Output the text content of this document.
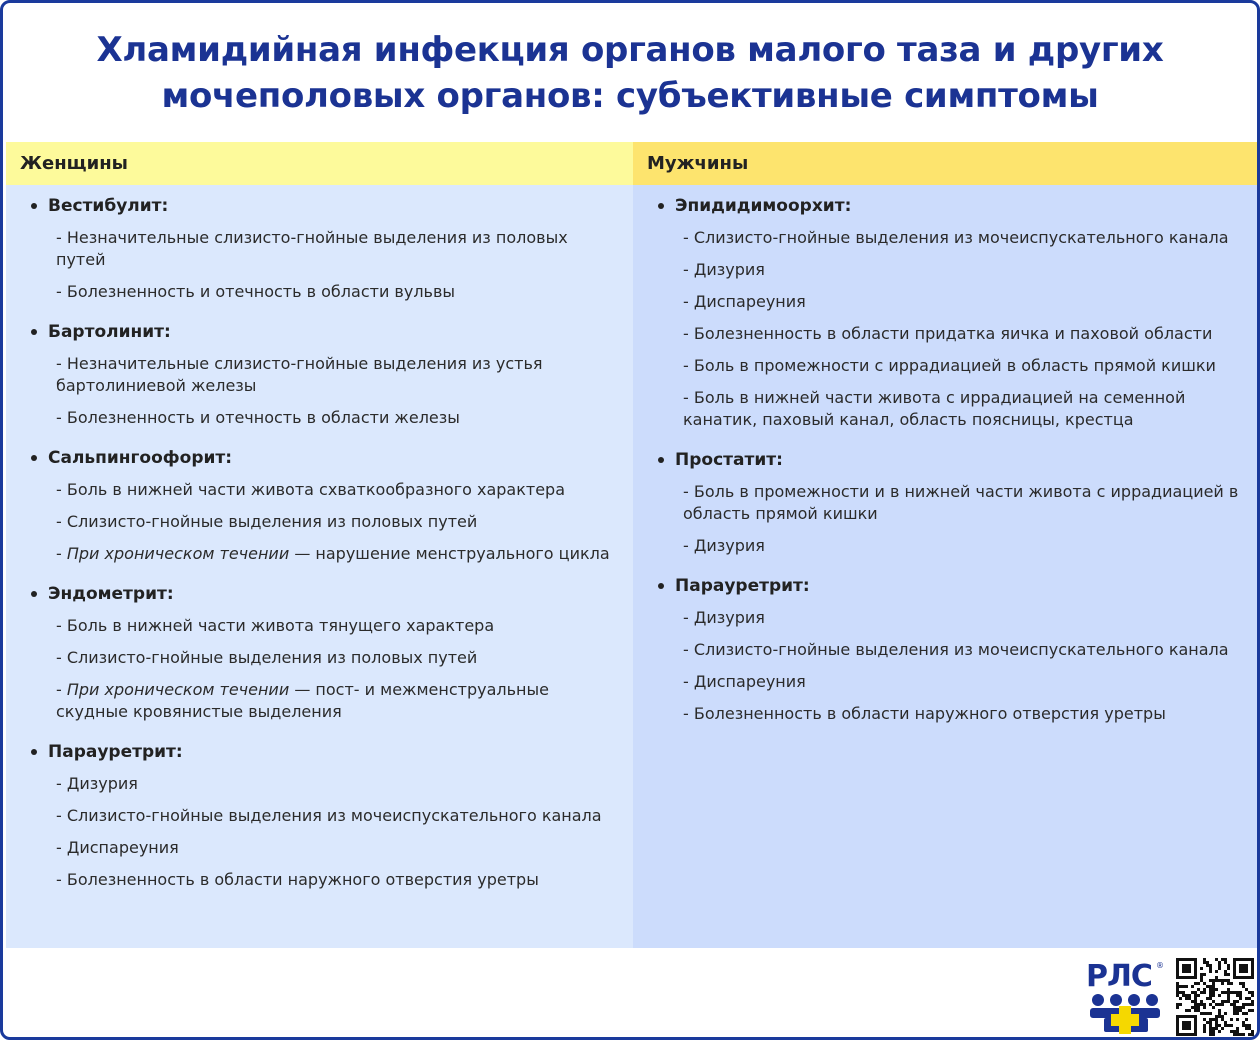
Хламидийная инфекция органов малого таза и других
мочеполовых органов: субъективные симптомы
Женщины
Вестибулит:
- Незначительные слизисто-гнойные выделения из половых путей
- Болезненность и отечность в области вульвы
Бартолинит:
- Незначительные слизисто-гнойные выделения из устья бартолиниевой железы
- Болезненность и отечность в области железы
Сальпингоофорит:
- Боль в нижней части живота схваткообразного характера
- Слизисто-гнойные выделения из половых путей
- При хроническом течении — нарушение менструального цикла
Эндометрит:
- Боль в нижней части живота тянущего характера
- Слизисто-гнойные выделения из половых путей
- При хроническом течении — пост- и межменструальные скудные кровянистые выделения
Парауретрит:
- Дизурия
- Слизисто-гнойные выделения из мочеиспускательного канала
- Диспареуния
- Болезненность в области наружного отверстия уретры
Мужчины
Эпидидимоорхит:
- Слизисто-гнойные выделения из мочеиспускательного канала
- Дизурия
- Диспареуния
- Болезненность в области придатка яичка и паховой области
- Боль в промежности с иррадиацией в область прямой кишки
- Боль в нижней части живота с иррадиацией на семенной канатик, паховый канал, область поясницы, крестца
Простатит:
- Боль в промежности и в нижней части живота с иррадиацией в область прямой кишки
- Дизурия
Парауретрит:
- Дизурия
- Слизисто-гнойные выделения из мочеиспускательного канала
- Диспареуния
- Болезненность в области наружного отверстия уретры
РЛС ®
